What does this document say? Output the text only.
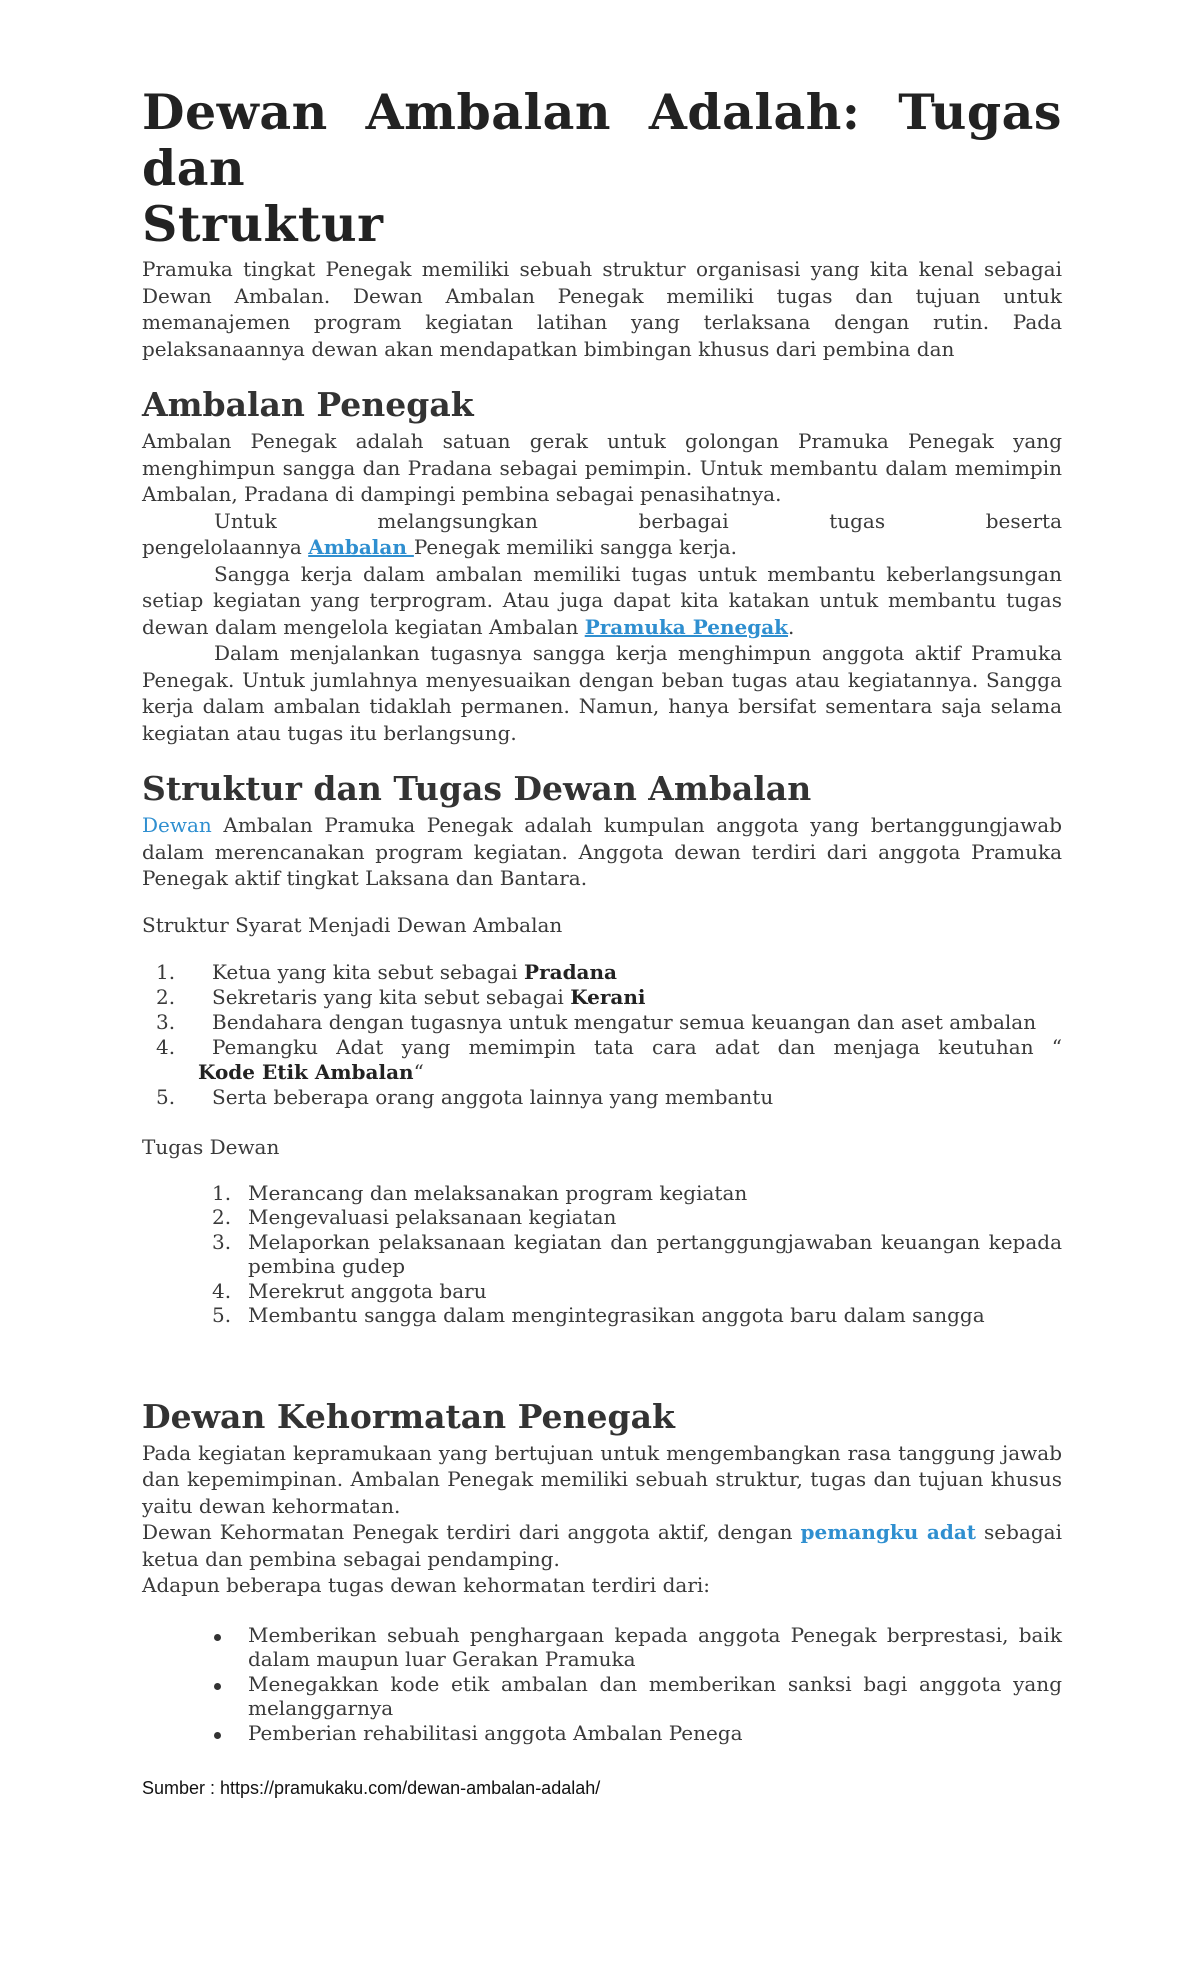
Dewan Ambalan Adalah: Tugas dan
Struktur

Pramuka tingkat Penegak memiliki sebuah struktur organisasi yang kita kenal sebagai Dewan Ambalan. Dewan Ambalan Penegak memiliki tugas dan tujuan untuk memanajemen program kegiatan latihan yang terlaksana dengan rutin. Pada pelaksanaannya dewan akan mendapatkan bimbingan khusus dari pembina dan

Ambalan Penegak

Ambalan Penegak adalah satuan gerak untuk golongan Pramuka Penegak yang menghimpun sangga dan Pradana sebagai pemimpin. Untuk membantu dalam memimpin Ambalan, Pradana di dampingi pembina sebagai penasihatnya.

Untuk melangsungkan berbagai tugas beserta

pengelolaannya Ambalan Penegak memiliki sangga kerja.

Sangga kerja dalam ambalan memiliki tugas untuk membantu keberlangsungan setiap kegiatan yang terprogram. Atau juga dapat kita katakan untuk membantu tugas dewan dalam mengelola kegiatan Ambalan Pramuka Penegak.

Dalam menjalankan tugasnya sangga kerja menghimpun anggota aktif Pramuka Penegak. Untuk jumlahnya menyesuaikan dengan beban tugas atau kegiatannya. Sangga kerja dalam ambalan tidaklah permanen. Namun, hanya bersifat sementara saja selama kegiatan atau tugas itu berlangsung.

Struktur dan Tugas Dewan Ambalan

Dewan Ambalan Pramuka Penegak adalah kumpulan anggota yang bertanggungjawab dalam merencanakan program kegiatan. Anggota dewan terdiri dari anggota Pramuka Penegak aktif tingkat Laksana dan Bantara.

Struktur Syarat Menjadi Dewan Ambalan

1. Ketua yang kita sebut sebagai Pradana
2. Sekretaris yang kita sebut sebagai Kerani
3. Bendahara dengan tugasnya untuk mengatur semua keuangan dan aset ambalan
4. Pemangku Adat yang memimpin tata cara adat dan menjaga keutuhan “
Kode Etik Ambalan“
5. Serta beberapa orang anggota lainnya yang membantu

Tugas Dewan

1. Merancang dan melaksanakan program kegiatan
2. Mengevaluasi pelaksanaan kegiatan
3. Melaporkan pelaksanaan kegiatan dan pertanggungjawaban keuangan kepada pembina gudep
4. Merekrut anggota baru
5. Membantu sangga dalam mengintegrasikan anggota baru dalam sangga
Dewan Kehormatan Penegak

Pada kegiatan kepramukaan yang bertujuan untuk mengembangkan rasa tanggung jawab dan kepemimpinan. Ambalan Penegak memiliki sebuah struktur, tugas dan tujuan khusus yaitu dewan kehormatan.

Dewan Kehormatan Penegak terdiri dari anggota aktif, dengan pemangku adat sebagai ketua dan pembina sebagai pendamping.

Adapun beberapa tugas dewan kehormatan terdiri dari:

Memberikan sebuah penghargaan kepada anggota Penegak berprestasi, baik dalam maupun luar Gerakan Pramuka
Menegakkan kode etik ambalan dan memberikan sanksi bagi anggota yang melanggarnya
Pemberian rehabilitasi anggota Ambalan Penega
Sumber : https://pramukaku.com/dewan-ambalan-adalah/
